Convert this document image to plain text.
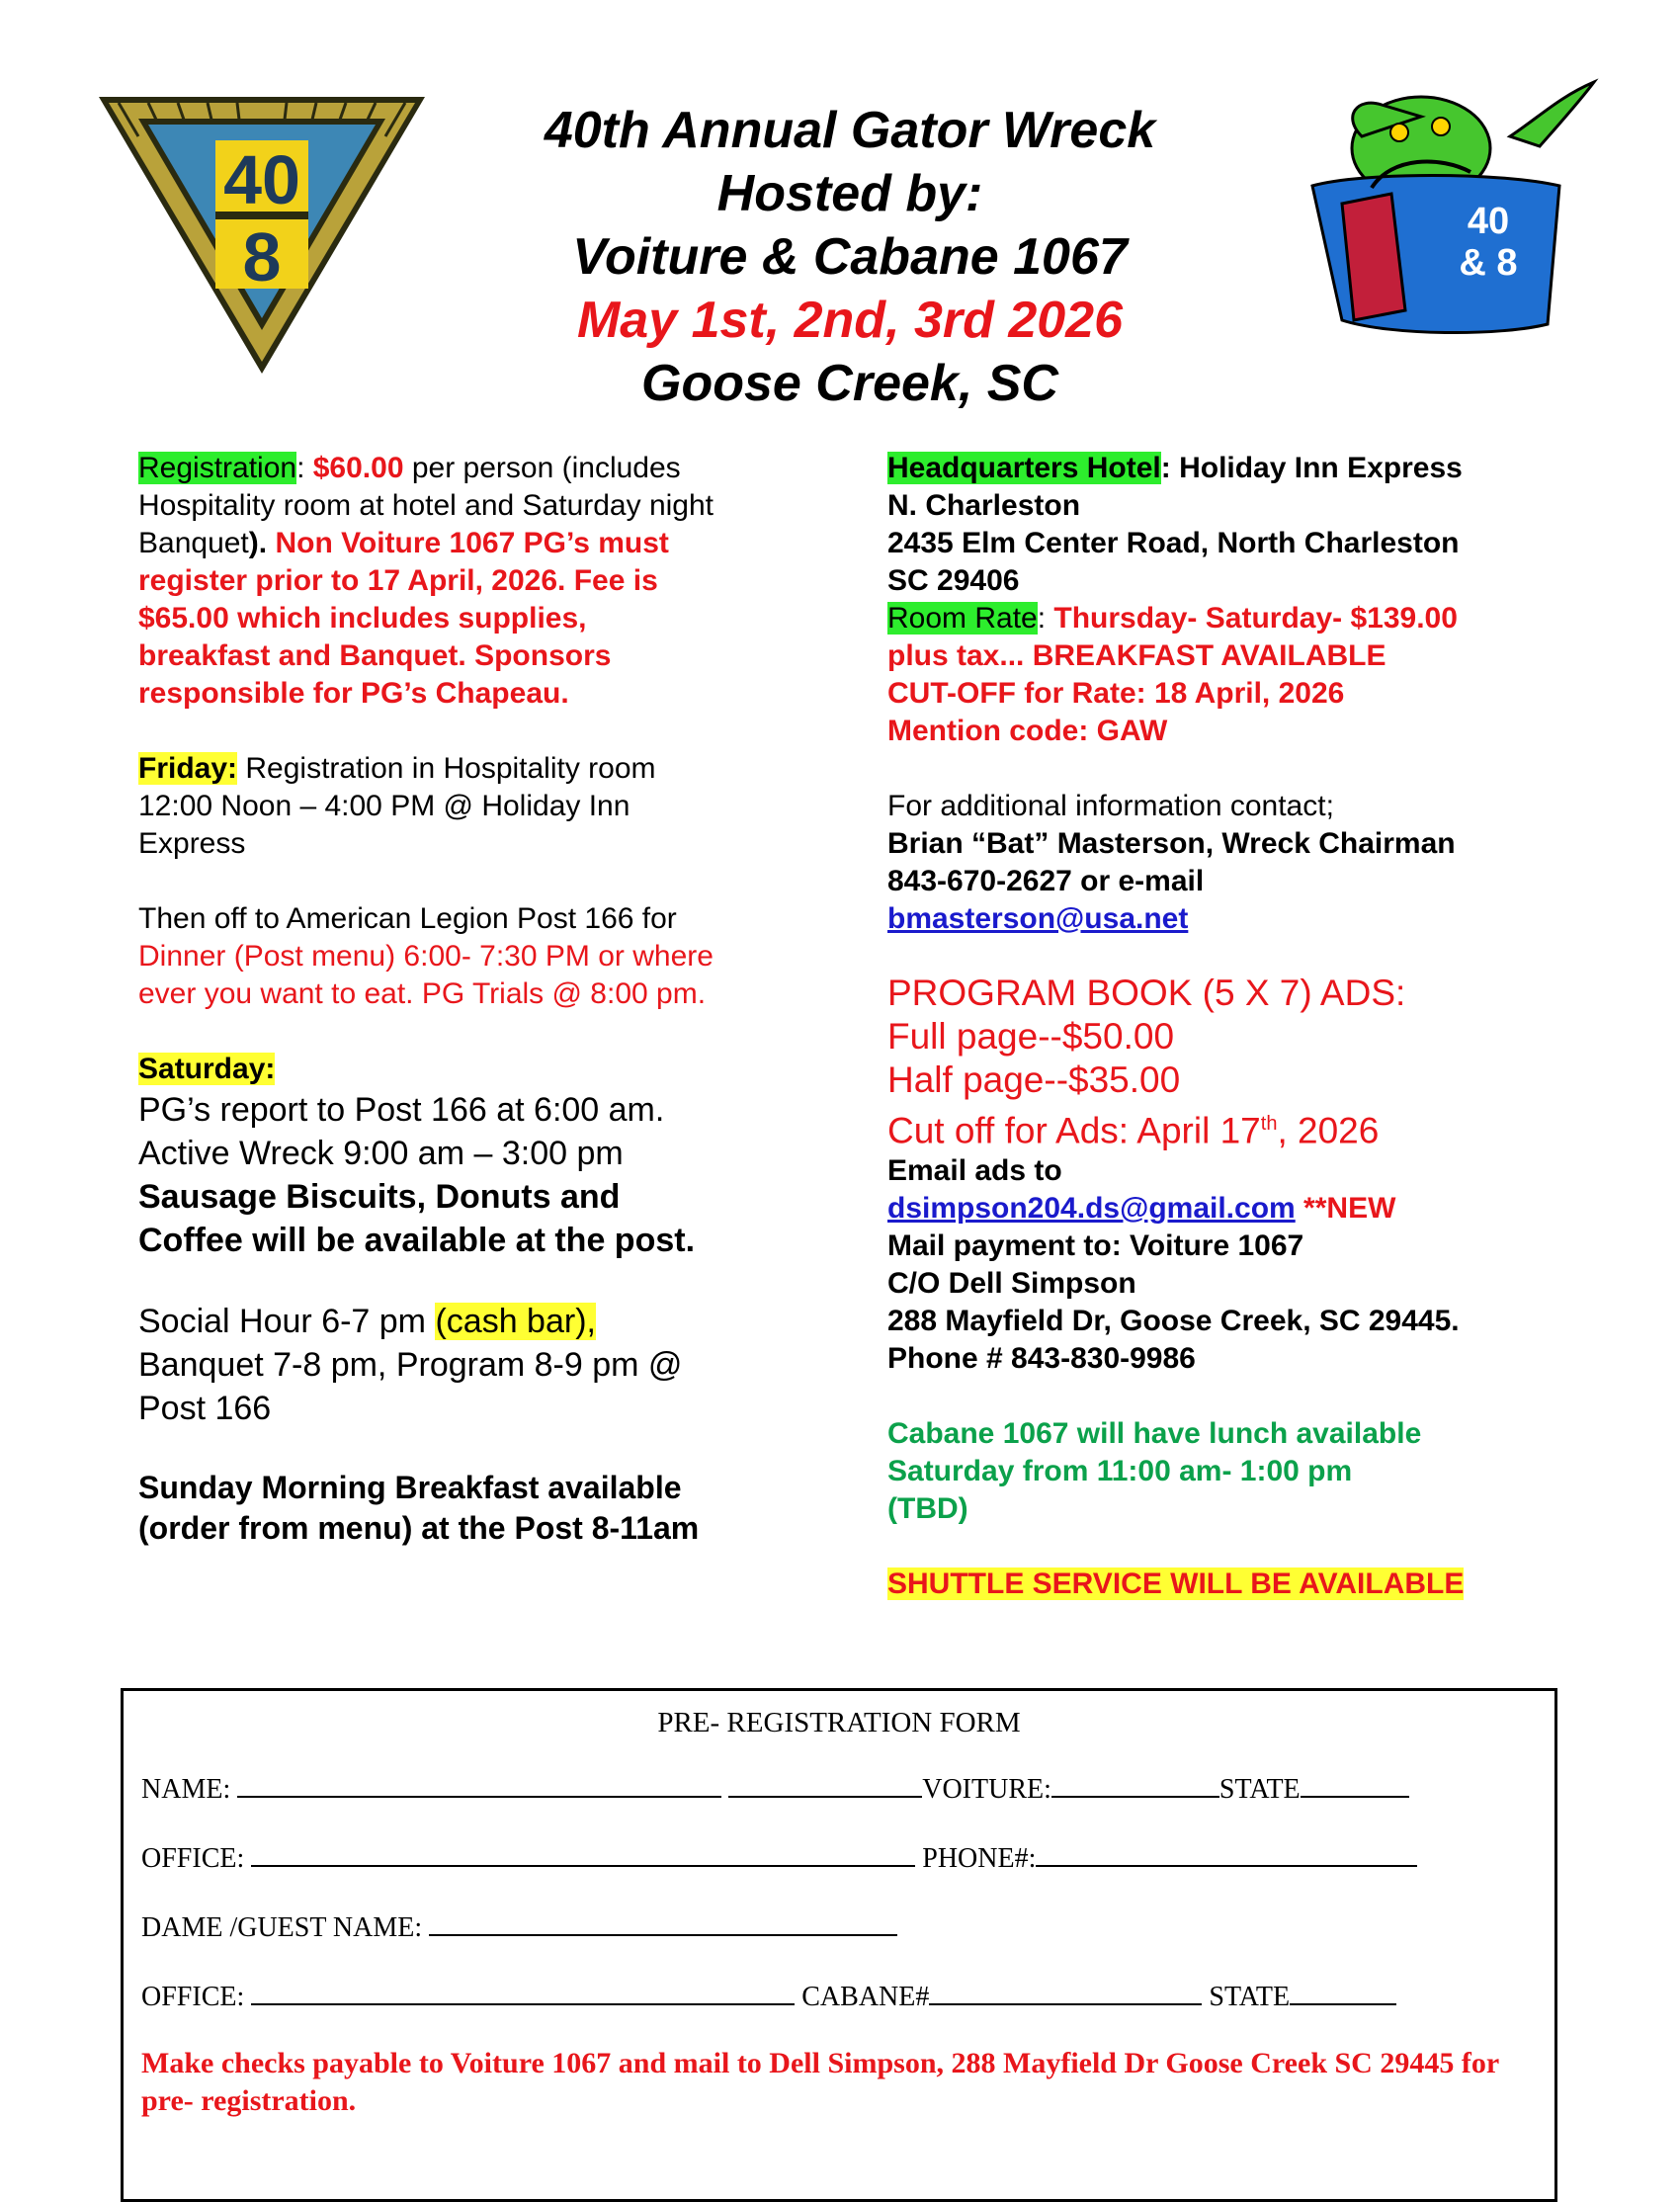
40
8	40
& 8
40th Annual Gator Wreck
Hosted by:
Voiture & Cabane 1067
May 1st, 2nd, 3rd 2026
Goose Creek, SC
Registration: $60.00 per person (includes
Hospitality room at hotel and Saturday night
Banquet). Non Voiture 1067 PG’s must
register prior to 17 April, 2026. Fee is
$65.00 which includes supplies,
breakfast and Banquet. Sponsors
responsible for PG’s Chapeau.
Friday: Registration in Hospitality room
12:00 Noon – 4:00 PM @ Holiday Inn
Express
Then off to American Legion Post 166 for
Dinner (Post menu) 6:00- 7:30 PM or where
ever you want to eat. PG Trials @ 8:00 pm.
Saturday:
PG’s report to Post 166 at 6:00 am.
Active Wreck 9:00 am – 3:00 pm
Sausage Biscuits, Donuts and
Coffee will be available at the post.
Social Hour 6-7 pm (cash bar),
Banquet 7-8 pm, Program 8-9 pm @
Post 166
Sunday Morning Breakfast available
(order from menu) at the Post 8-11am
Headquarters Hotel: Holiday Inn Express
N. Charleston
2435 Elm Center Road, North Charleston
SC 29406
Room Rate: Thursday- Saturday- $139.00
plus tax... BREAKFAST AVAILABLE
CUT-OFF for Rate: 18 April, 2026
Mention code: GAW
For additional information contact;
Brian “Bat” Masterson, Wreck Chairman
843-670-2627 or e-mail
bmasterson@usa.net
PROGRAM BOOK (5 X 7) ADS:
Full page--$50.00
Half page--$35.00
Cut off for Ads: April 17th, 2026
Email ads to
dsimpson204.ds@gmail.com **NEW
Mail payment to: Voiture 1067
C/O Dell Simpson
288 Mayfield Dr, Goose Creek, SC 29445.
Phone # 843-830-9986
Cabane 1067 will have lunch available
Saturday from 11:00 am- 1:00 pm
(TBD)
SHUTTLE SERVICE WILL BE AVAILABLE
PRE- REGISTRATION FORM
NAME:	VOITURE:	STATE
OFFICE:	PHONE#:
DAME /GUEST NAME:
OFFICE:	CABANE#	STATE
Make checks payable to Voiture 1067 and mail to Dell Simpson, 288 Mayfield Dr Goose Creek SC 29445 for pre- registration.
